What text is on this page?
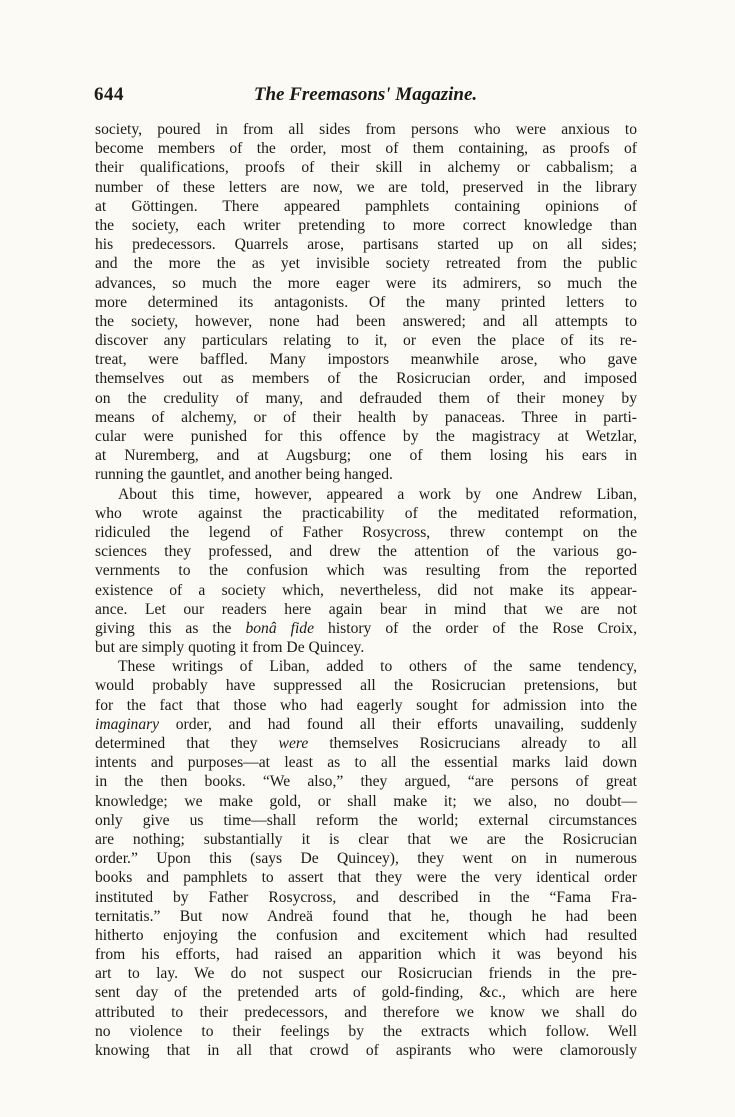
644	The Freemasons' Magazine.
society, poured in from all sides from persons who were anxious to
become members of the order, most of them containing, as proofs of
their qualifications, proofs of their skill in alchemy or cabbalism; a
number of these letters are now, we are told, preserved in the library
at Göttingen. There appeared pamphlets containing opinions of
the society, each writer pretending to more correct knowledge than
his predecessors. Quarrels arose, partisans started up on all sides;
and the more the as yet invisible society retreated from the public
advances, so much the more eager were its admirers, so much the
more determined its antagonists. Of the many printed letters to
the society, however, none had been answered; and all attempts to
discover any particulars relating to it, or even the place of its re-
treat, were baffled. Many impostors meanwhile arose, who gave
themselves out as members of the Rosicrucian order, and imposed
on the credulity of many, and defrauded them of their money by
means of alchemy, or of their health by panaceas. Three in parti-
cular were punished for this offence by the magistracy at Wetzlar,
at Nuremberg, and at Augsburg; one of them losing his ears in
running the gauntlet, and another being hanged.
About this time, however, appeared a work by one Andrew Liban,
who wrote against the practicability of the meditated reformation,
ridiculed the legend of Father Rosycross, threw contempt on the
sciences they professed, and drew the attention of the various go-
vernments to the confusion which was resulting from the reported
existence of a society which, nevertheless, did not make its appear-
ance. Let our readers here again bear in mind that we are not
giving this as the bonâ fide history of the order of the Rose Croix,
but are simply quoting it from De Quincey.
These writings of Liban, added to others of the same tendency,
would probably have suppressed all the Rosicrucian pretensions, but
for the fact that those who had eagerly sought for admission into the
imaginary order, and had found all their efforts unavailing, suddenly
determined that they were themselves Rosicrucians already to all
intents and purposes—at least as to all the essential marks laid down
in the then books. “We also,” they argued, “are persons of great
knowledge; we make gold, or shall make it; we also, no doubt—
only give us time—shall reform the world; external circumstances
are nothing; substantially it is clear that we are the Rosicrucian
order.” Upon this (says De Quincey), they went on in numerous
books and pamphlets to assert that they were the very identical order
instituted by Father Rosycross, and described in the “Fama Fra-
ternitatis.” But now Andreä found that he, though he had been
hitherto enjoying the confusion and excitement which had resulted
from his efforts, had raised an apparition which it was beyond his
art to lay. We do not suspect our Rosicrucian friends in the pre-
sent day of the pretended arts of gold-finding, &c., which are here
attributed to their predecessors, and therefore we know we shall do
no violence to their feelings by the extracts which follow. Well
knowing that in all that crowd of aspirants who were clamorously
